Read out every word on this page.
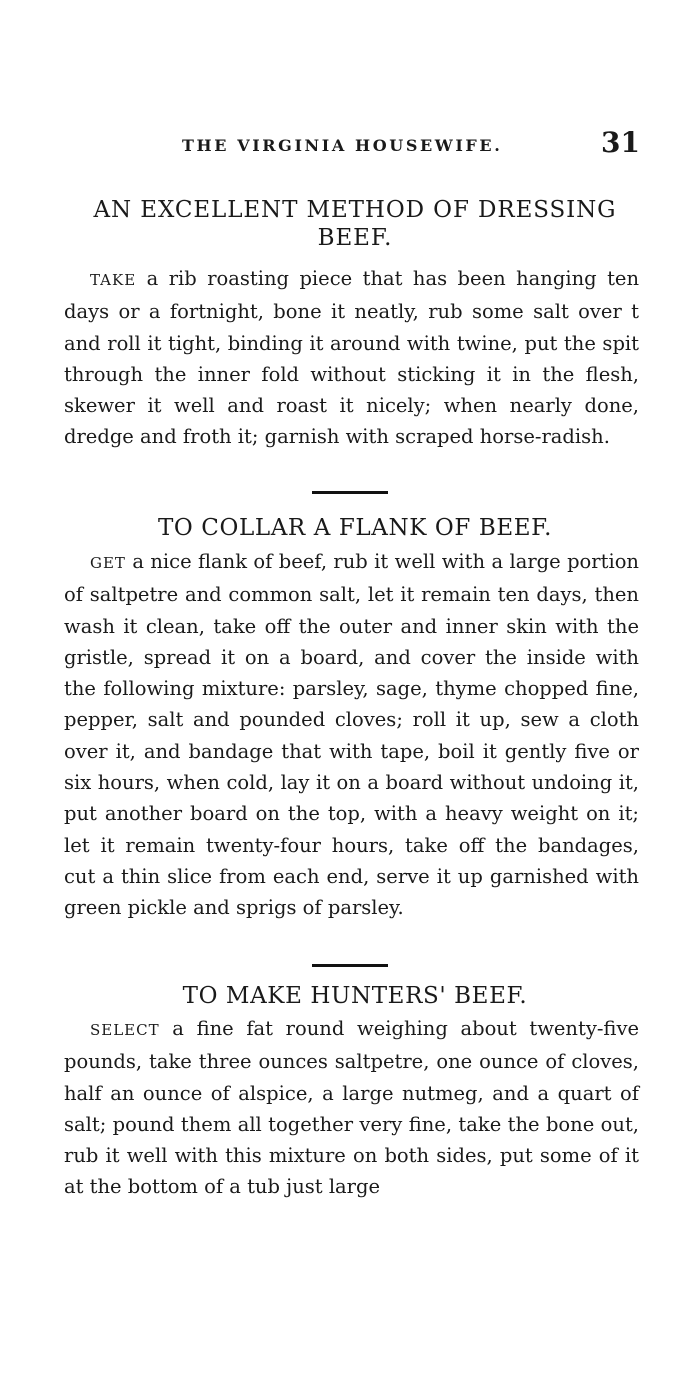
THE VIRGINIA HOUSEWIFE.	31
AN EXCELLENT METHOD OF DRESSING BEEF.

TAKE a rib roasting piece that has been hanging ten days or a fortnight, bone it neatly, rub some salt over t and roll it tight, binding it around with twine, put the spit through the inner fold without sticking it in the flesh, skewer it well and roast it nicely; when nearly done, dredge and froth it; garnish with scraped horse-radish.

TO COLLAR A FLANK OF BEEF.

GET a nice flank of beef, rub it well with a large portion of saltpetre and common salt, let it remain ten days, then wash it clean, take off the outer and inner skin with the gristle, spread it on a board, and cover the inside with the following mixture: parsley, sage, thyme chopped fine, pepper, salt and pounded cloves; roll it up, sew a cloth over it, and bandage that with tape, boil it gently five or six hours, when cold, lay it on a board without undoing it, put another board on the top, with a heavy weight on it; let it remain twenty-four hours, take off the bandages, cut a thin slice from each end, serve it up garnished with green pickle and sprigs of parsley.

TO MAKE HUNTERS' BEEF.

SELECT a fine fat round weighing about twenty-five pounds, take three ounces saltpetre, one ounce of cloves, half an ounce of alspice, a large nutmeg, and a quart of salt; pound them all together very fine, take the bone out, rub it well with this mixture on both sides, put some of it at the bottom of a tub just large
